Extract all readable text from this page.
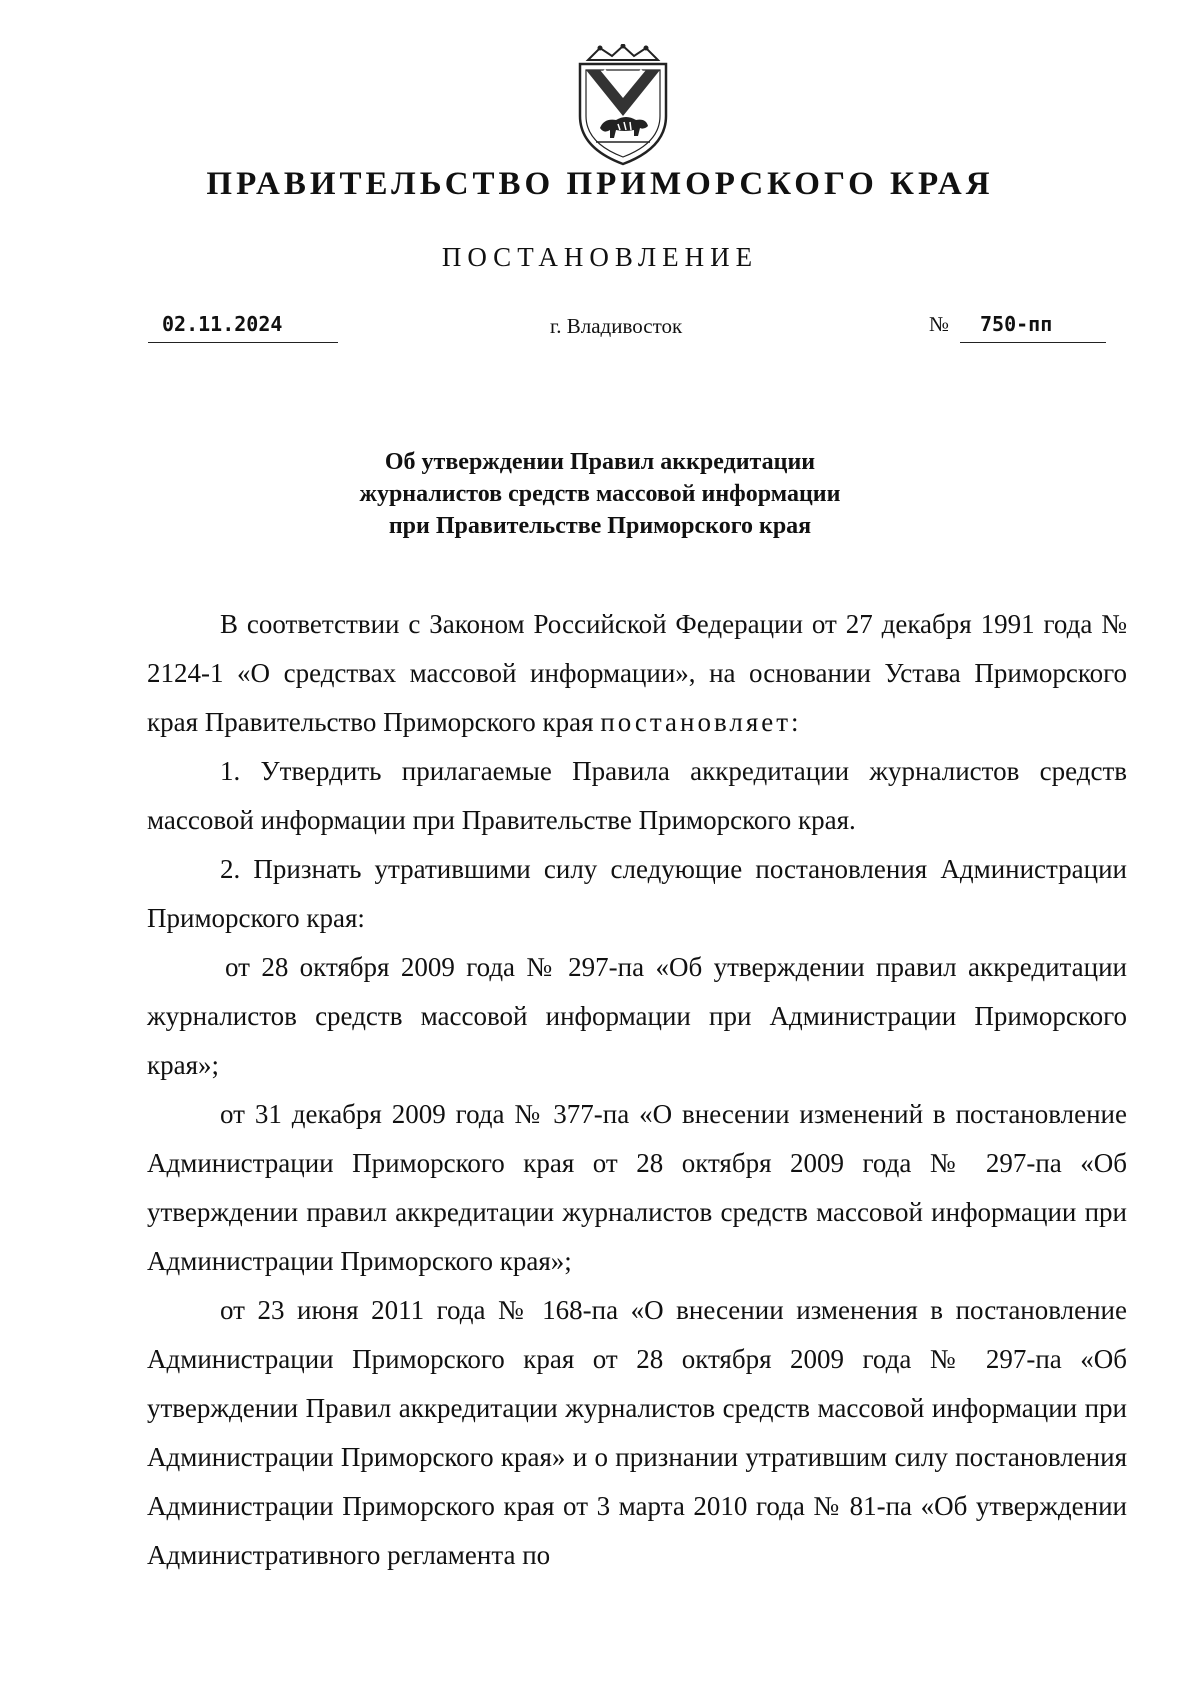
ПРАВИТЕЛЬСТВО ПРИМОРСКОГО КРАЯ
ПОСТАНОВЛЕНИЕ
02.11.2024	г. Владивосток	№ 750-пп
Об утверждении Правил аккредитации
журналистов средств массовой информации
при Правительстве Приморского края

В соответствии с Законом Российской Федерации от 27 декабря 1991 года № 2124-1 «О средствах массовой информации», на основании Устава Приморского края Правительство Приморского края постановляет:

1. Утвердить прилагаемые Правила аккредитации журналистов средств массовой информации при Правительстве Приморского края.

2. Признать утратившими силу следующие постановления Администрации Приморского края:

от 28 октября 2009 года № 297-па «Об утверждении правил аккредитации журналистов средств массовой информации при Администрации Приморского края»;

от 31 декабря 2009 года № 377-па «О внесении изменений в постановление Администрации Приморского края от 28 октября 2009 года № 297-па «Об утверждении правил аккредитации журналистов средств массовой информации при Администрации Приморского края»;

от 23 июня 2011 года № 168-па «О внесении изменения в постановление Администрации Приморского края от 28 октября 2009 года № 297-па «Об утверждении Правил аккредитации журналистов средств массовой информации при Администрации Приморского края» и о признании утратившим силу постановления Администрации Приморского края от 3 марта 2010 года № 81-па «Об утверждении Административного регламента по
